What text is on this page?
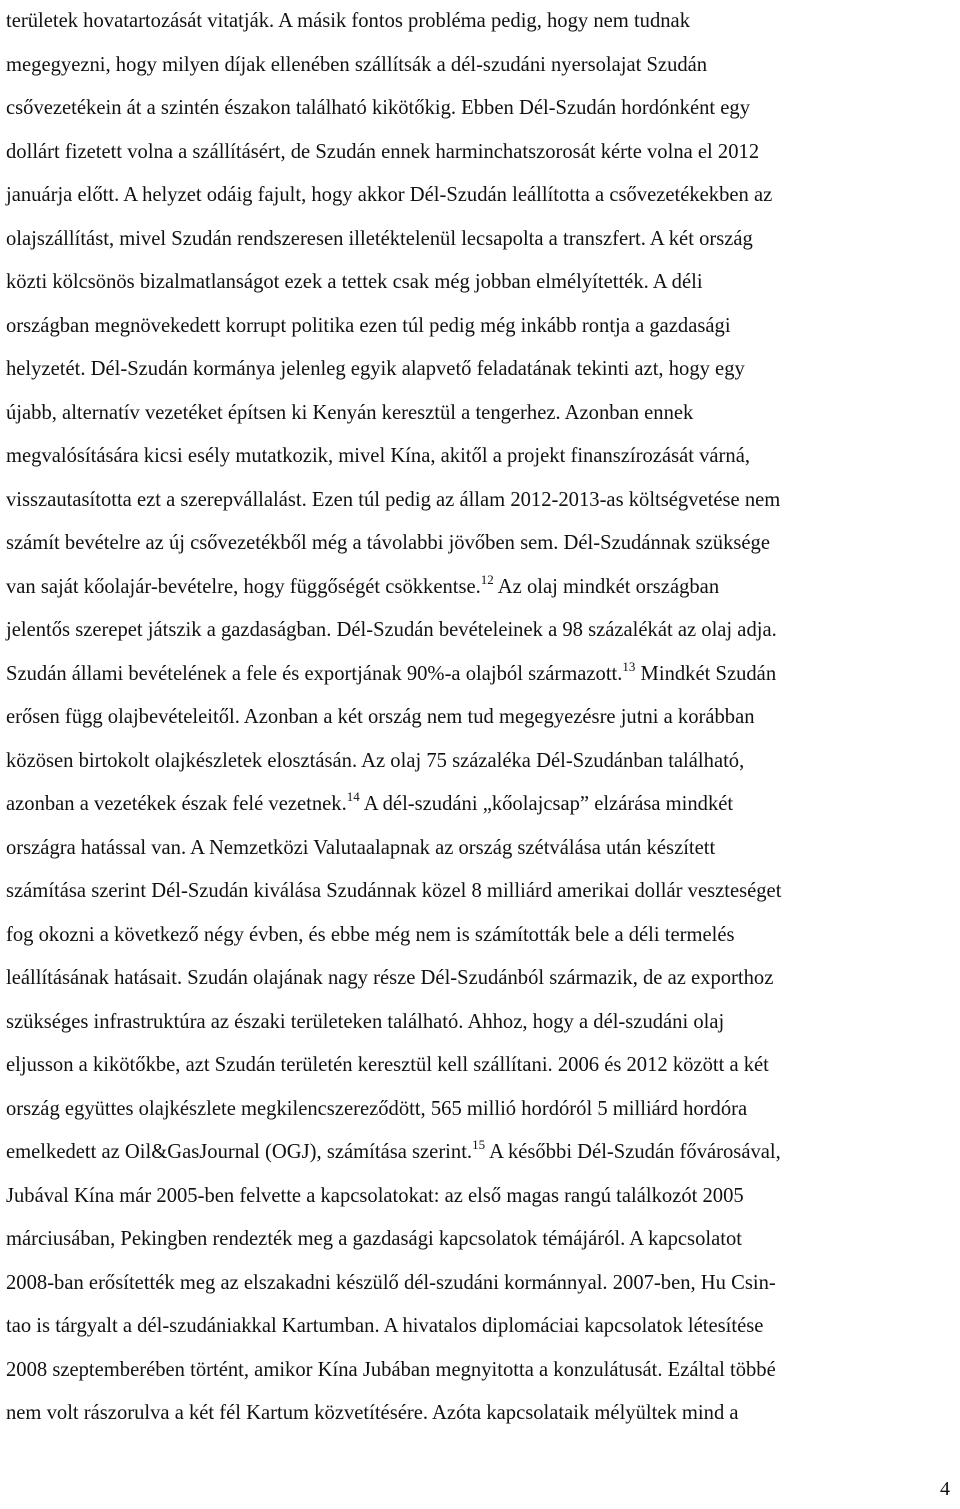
területek hovatartozását vitatják. A másik fontos probléma pedig, hogy nem tudnak
megegyezni, hogy milyen díjak ellenében szállítsák a dél-szudáni nyersolajat Szudán
csővezetékein át a szintén északon található kikötőkig. Ebben Dél-Szudán hordónként egy
dollárt fizetett volna a szállításért, de Szudán ennek harminchatszorosát kérte volna el 2012
januárja előtt. A helyzet odáig fajult, hogy akkor Dél-Szudán leállította a csővezetékekben az
olajszállítást, mivel Szudán rendszeresen illetéktelenül lecsapolta a transzfert. A két ország
közti kölcsönös bizalmatlanságot ezek a tettek csak még jobban elmélyítették. A déli
országban megnövekedett korrupt politika ezen túl pedig még inkább rontja a gazdasági
helyzetét. Dél-Szudán kormánya jelenleg egyik alapvető feladatának tekinti azt, hogy egy
újabb, alternatív vezetéket építsen ki Kenyán keresztül a tengerhez. Azonban ennek
megvalósítására kicsi esély mutatkozik, mivel Kína, akitől a projekt finanszírozását várná,
visszautasította ezt a szerepvállalást. Ezen túl pedig az állam 2012-2013-as költségvetése nem
számít bevételre az új csővezetékből még a távolabbi jövőben sem. Dél-Szudánnak szüksége
van saját kőolajár-bevételre, hogy függőségét csökkentse.$^{12}$ Az olaj mindkét országban
jelentős szerepet játszik a gazdaságban. Dél-Szudán bevételeinek a 98 százalékát az olaj adja.
Szudán állami bevételének a fele és exportjának 90%-a olajból származott.$^{13}$ Mindkét Szudán
erősen függ olajbevételeitől. Azonban a két ország nem tud megegyezésre jutni a korábban
közösen birtokolt olajkészletek elosztásán. Az olaj 75 százaléka Dél-Szudánban található,
azonban a vezetékek észak felé vezetnek.$^{14}$ A dél-szudáni „kőolajcsap” elzárása mindkét
országra hatással van. A Nemzetközi Valutaalapnak az ország szétválása után készített
számítása szerint Dél-Szudán kiválása Szudánnak közel 8 milliárd amerikai dollár veszteséget
fog okozni a következő négy évben, és ebbe még nem is számították bele a déli termelés
leállításának hatásait. Szudán olajának nagy része Dél-Szudánból származik, de az exporthoz
szükséges infrastruktúra az északi területeken található. Ahhoz, hogy a dél-szudáni olaj
eljusson a kikötőkbe, azt Szudán területén keresztül kell szállítani. 2006 és 2012 között a két
ország együttes olajkészlete megkilencszereződött, 565 millió hordóról 5 milliárd hordóra
emelkedett az Oil&GasJournal (OGJ), számítása szerint.$^{15}$ A későbbi Dél-Szudán fővárosával,
Jubával Kína már 2005-ben felvette a kapcsolatokat: az első magas rangú találkozót 2005
márciusában, Pekingben rendezték meg a gazdasági kapcsolatok témájáról. A kapcsolatot
2008-ban erősítették meg az elszakadni készülő dél-szudáni kormánnyal. 2007-ben, Hu Csin-
tao is tárgyalt a dél-szudániakkal Kartumban. A hivatalos diplomáciai kapcsolatok létesítése
2008 szeptemberében történt, amikor Kína Jubában megnyitotta a konzulátusát. Ezáltal többé
nem volt rászorulva a két fél Kartum közvetítésére. Azóta kapcsolataik mélyültek mind a
4
